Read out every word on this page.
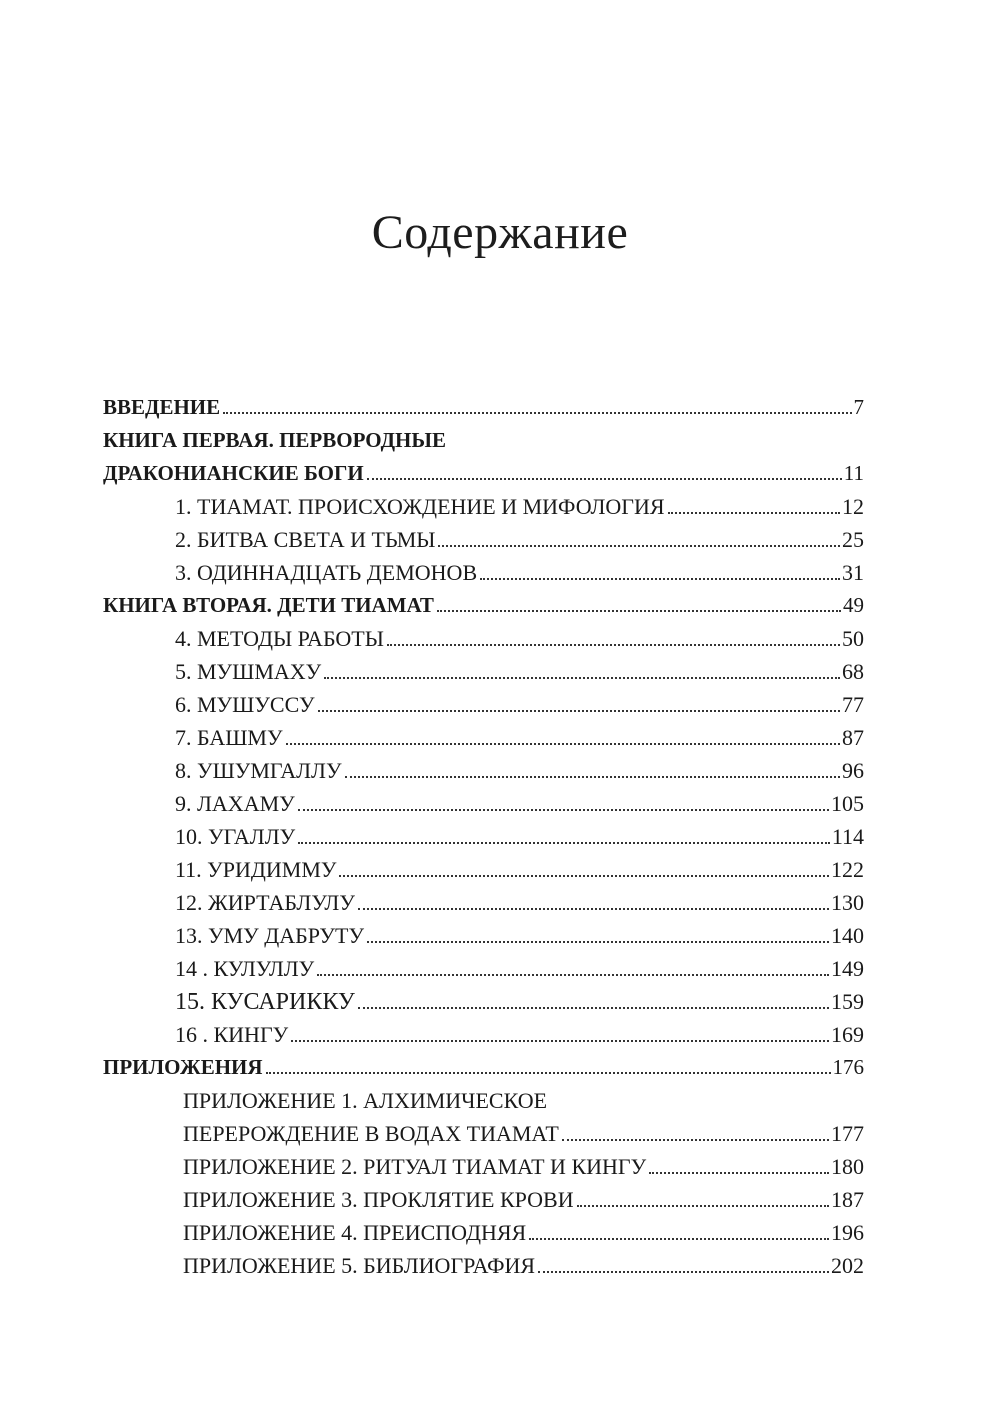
Содержание
ВВЕДЕНИЕ	7
КНИГА ПЕРВАЯ. ПЕРВОРОДНЫЕ
ДРАКОНИАНСКИЕ БОГИ	11
1. ТИАМАТ. ПРОИСХОЖДЕНИЕ И МИФОЛОГИЯ	12
2. БИТВА СВЕТА И ТЬМЫ	25
3. ОДИННАДЦАТЬ ДЕМОНОВ	31
КНИГА ВТОРАЯ. ДЕТИ ТИАМАТ	49
4. МЕТОДЫ РАБОТЫ	50
5. МУШМАХУ	68
6. МУШУССУ	77
7. БАШМУ	87
8. УШУМГАЛЛУ	96
9. ЛАХАМУ	105
10. УГАЛЛУ	114
11. УРИДИММУ	122
12. ЖИРТАБЛУЛУ	130
13. УМУ ДАБРУТУ	140
14 . КУЛУЛЛУ	149
15. КУСАРИККУ	159
16 . КИНГУ	169
ПРИЛОЖЕНИЯ	176
ПРИЛОЖЕНИЕ 1. АЛХИМИЧЕСКОЕ
ПЕРЕРОЖДЕНИЕ В ВОДАХ ТИАМАТ	177
ПРИЛОЖЕНИЕ 2. РИТУАЛ ТИАМАТ И КИНГУ	180
ПРИЛОЖЕНИЕ 3. ПРОКЛЯТИЕ КРОВИ	187
ПРИЛОЖЕНИЕ 4. ПРЕИСПОДНЯЯ	196
ПРИЛОЖЕНИЕ 5. БИБЛИОГРАФИЯ	202
